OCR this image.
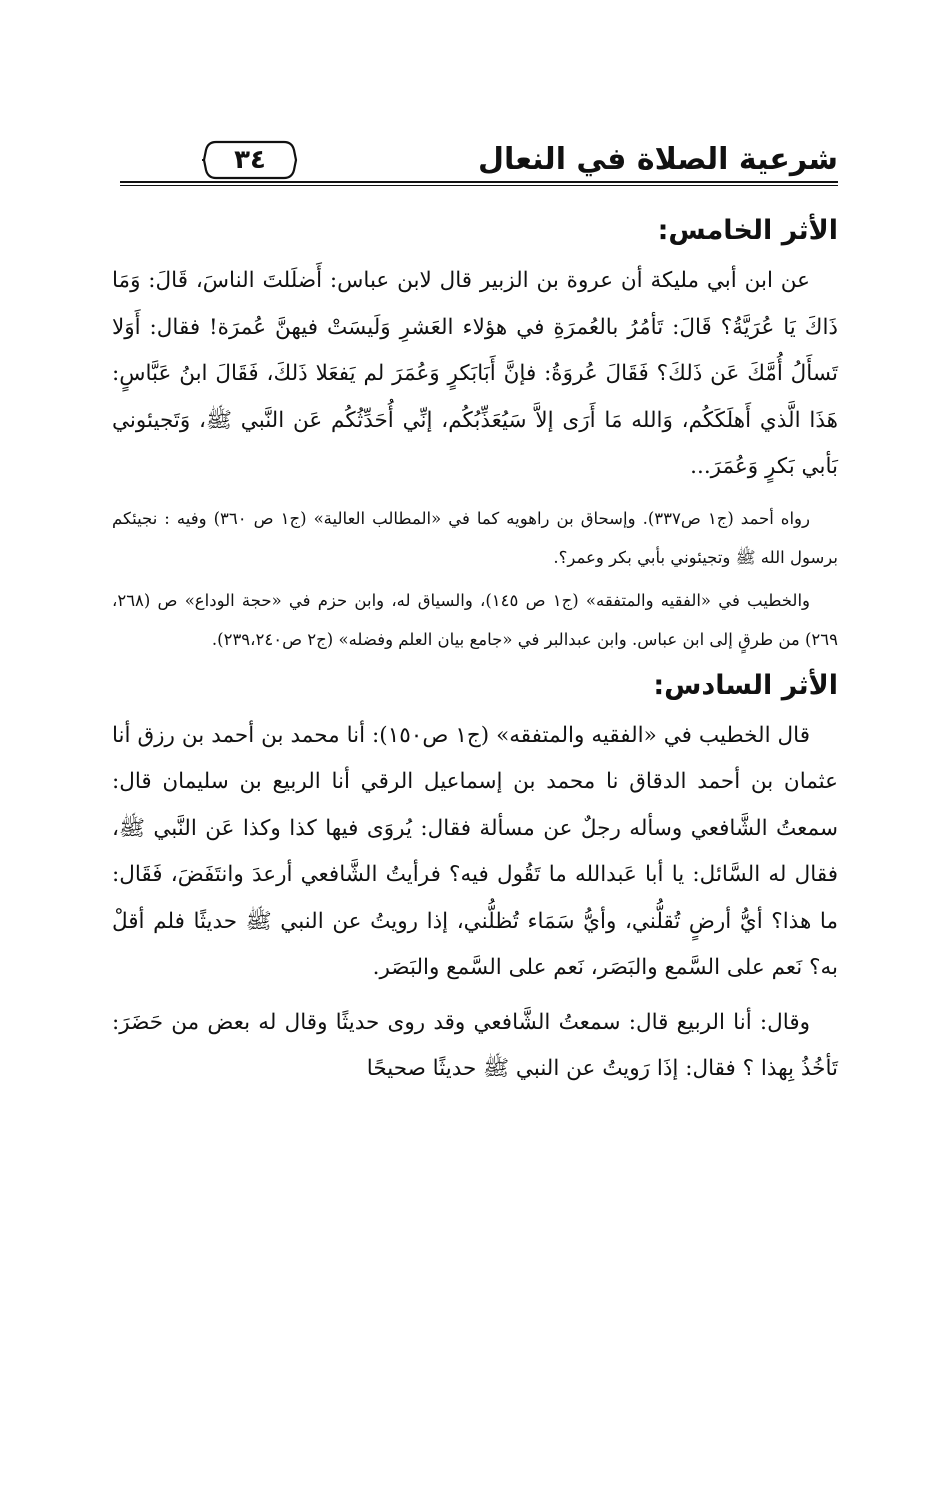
شرعية الصلاة في النعال
٣٤
الأثر الخامس:

عن ابن أبي مليكة أن عروة بن الزبير قال لابن عباس: أَضلَلتَ الناسَ، قَالَ: وَمَا ذَاكَ يَا عُرَيَّةُ؟ قَالَ: تَأمُرُ بالعُمرَةِ في هؤلاء العَشرِ وَلَيسَتْ فيهنَّ عُمرَة! فقال: أَوَلا تَسأَلُ أُمَّكَ عَن ذَلكَ؟ فَقَالَ عُروَةُ: فإنَّ أَبَابَكرٍ وَعُمَرَ لم يَفعَلا ذَلكَ، فَقَالَ ابنُ عَبَّاسٍ: هَذَا الَّذي أَهلَكَكُم، وَالله مَا أَرَى إلاَّ سَيُعَذِّبُكُم، إنِّي أُحَدِّثُكُم عَن النَّبي ﷺ، وَتَجيئوني بَأبي بَكرٍ وَعُمَرَ...

رواه أحمد (ج١ ص٣٣٧). وإسحاق بن راهويه كما في «المطالب العالية» (ج١ ص ٣٦٠) وفيه : نجيئكم برسول الله ﷺ وتجيئوني بأبي بكر وعمر؟.

والخطيب في «الفقيه والمتفقه» (ج١ ص ١٤٥)، والسياق له، وابن حزم في «حجة الوداع» ص (٢٦٨، ٢٦٩) من طرقٍ إلى ابن عباس. وابن عبدالبر في «جامع بيان العلم وفضله» (ج٢ ص٢٣٩،٢٤٠).

الأثر السادس:

قال الخطيب في «الفقيه والمتفقه» (ج١ ص١٥٠): أنا محمد بن أحمد بن رزق أنا عثمان بن أحمد الدقاق نا محمد بن إسماعيل الرقي أنا الربيع بن سليمان قال: سمعتُ الشَّافعي وسأله رجلٌ عن مسألة فقال: يُروَى فيها كذا وكذا عَن النَّبي ﷺ، فقال له السَّائل: يا أبا عَبدالله ما تَقُول فيه؟ فرأيتُ الشَّافعي أرعدَ وانتَفَضَ، فَقَال: ما هذا؟ أيُّ أرضٍ تُقلُّني، وأيُّ سَمَاء تُظلُّني، إذا رويتُ عن النبي ﷺ حديثًا فلم أقلْ به؟ نَعم على السَّمع والبَصَر، نَعم على السَّمع والبَصَر.

وقال: أنا الربيع قال: سمعتُ الشَّافعي وقد روى حديثًا وقال له بعض من حَضَرَ: تَأخُذُ بِهذا ؟ فقال: إذَا رَويتُ عن النبي ﷺ حديثًا صحيحًا
